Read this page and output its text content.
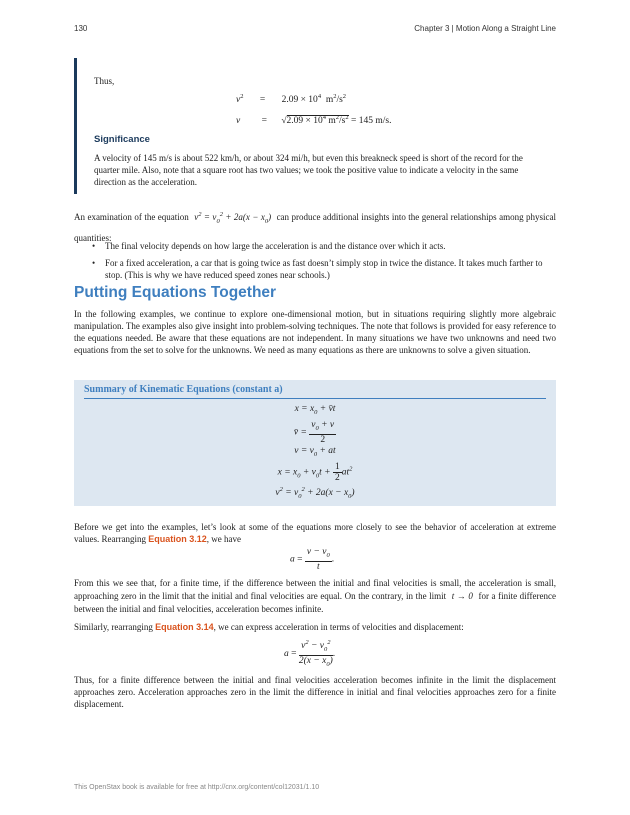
130	Chapter 3 | Motion Along a Straight Line
Thus,
$v^2 = 2.09 \times 10^4$  $m^2/s^2$
$v = √2.09 \times 10^4$ $m^2/s^2 = 145$ m/s.
Significance
A velocity of 145 m/s is about 522 km/h, or about 324 mi/h, but even this breakneck speed is short of the record for the quarter mile. Also, note that a square root has two values; we took the positive value to indicate a velocity in the same direction as the acceleration.
An examination of the equation $v^2 = v_0^2 + 2a(x - x_0)$ can produce additional insights into the general relationships among physical quantities:
• The final velocity depends on how large the acceleration is and the distance over which it acts.
• For a fixed acceleration, a car that is going twice as fast doesn’t simply stop in twice the distance. It takes much farther to stop. (This is why we have reduced speed zones near schools.)
Putting Equations Together
In the following examples, we continue to explore one-dimensional motion, but in situations requiring slightly more algebraic manipulation. The examples also give insight into problem-solving techniques. The note that follows is provided for easy reference to the equations needed. Be aware that these equations are not independent. In many situations we have two unknowns and need two equations from the set to solve for the unknowns. We need as many equations as there are unknowns to solve a given situation.
Summary of Kinematic Equations (constant a)
$x = x_0$ + v̄t
v̄ = $\frac{v_0 + v}{2}$
$v = v_0$ + at
$x = x_0 + v_0t + \frac{1}{2} at^2$
$v^2 = v_0^2 + 2a(x - x_0)$
Before we get into the examples, let’s look at some of the equations more closely to see the behavior of acceleration at extreme values. Rearranging Equation 3.12, we have
$a = \frac{v - v_0}{t}$ .
From this we see that, for a finite time, if the difference between the initial and final velocities is small, the acceleration is small, approaching zero in the limit that the initial and final velocities are equal. On the contrary, in the limit t → 0 for a finite difference between the initial and final velocities, acceleration becomes infinite.
Similarly, rearranging Equation 3.14, we can express acceleration in terms of velocities and displacement:
$a = \frac{v^2 - v_0^2}{2(x - x_0)}$ .
Thus, for a finite difference between the initial and final velocities acceleration becomes infinite in the limit the displacement approaches zero. Acceleration approaches zero in the limit the difference in initial and final velocities approaches zero for a finite displacement.
This OpenStax book is available for free at http://cnx.org/content/col12031/1.10
